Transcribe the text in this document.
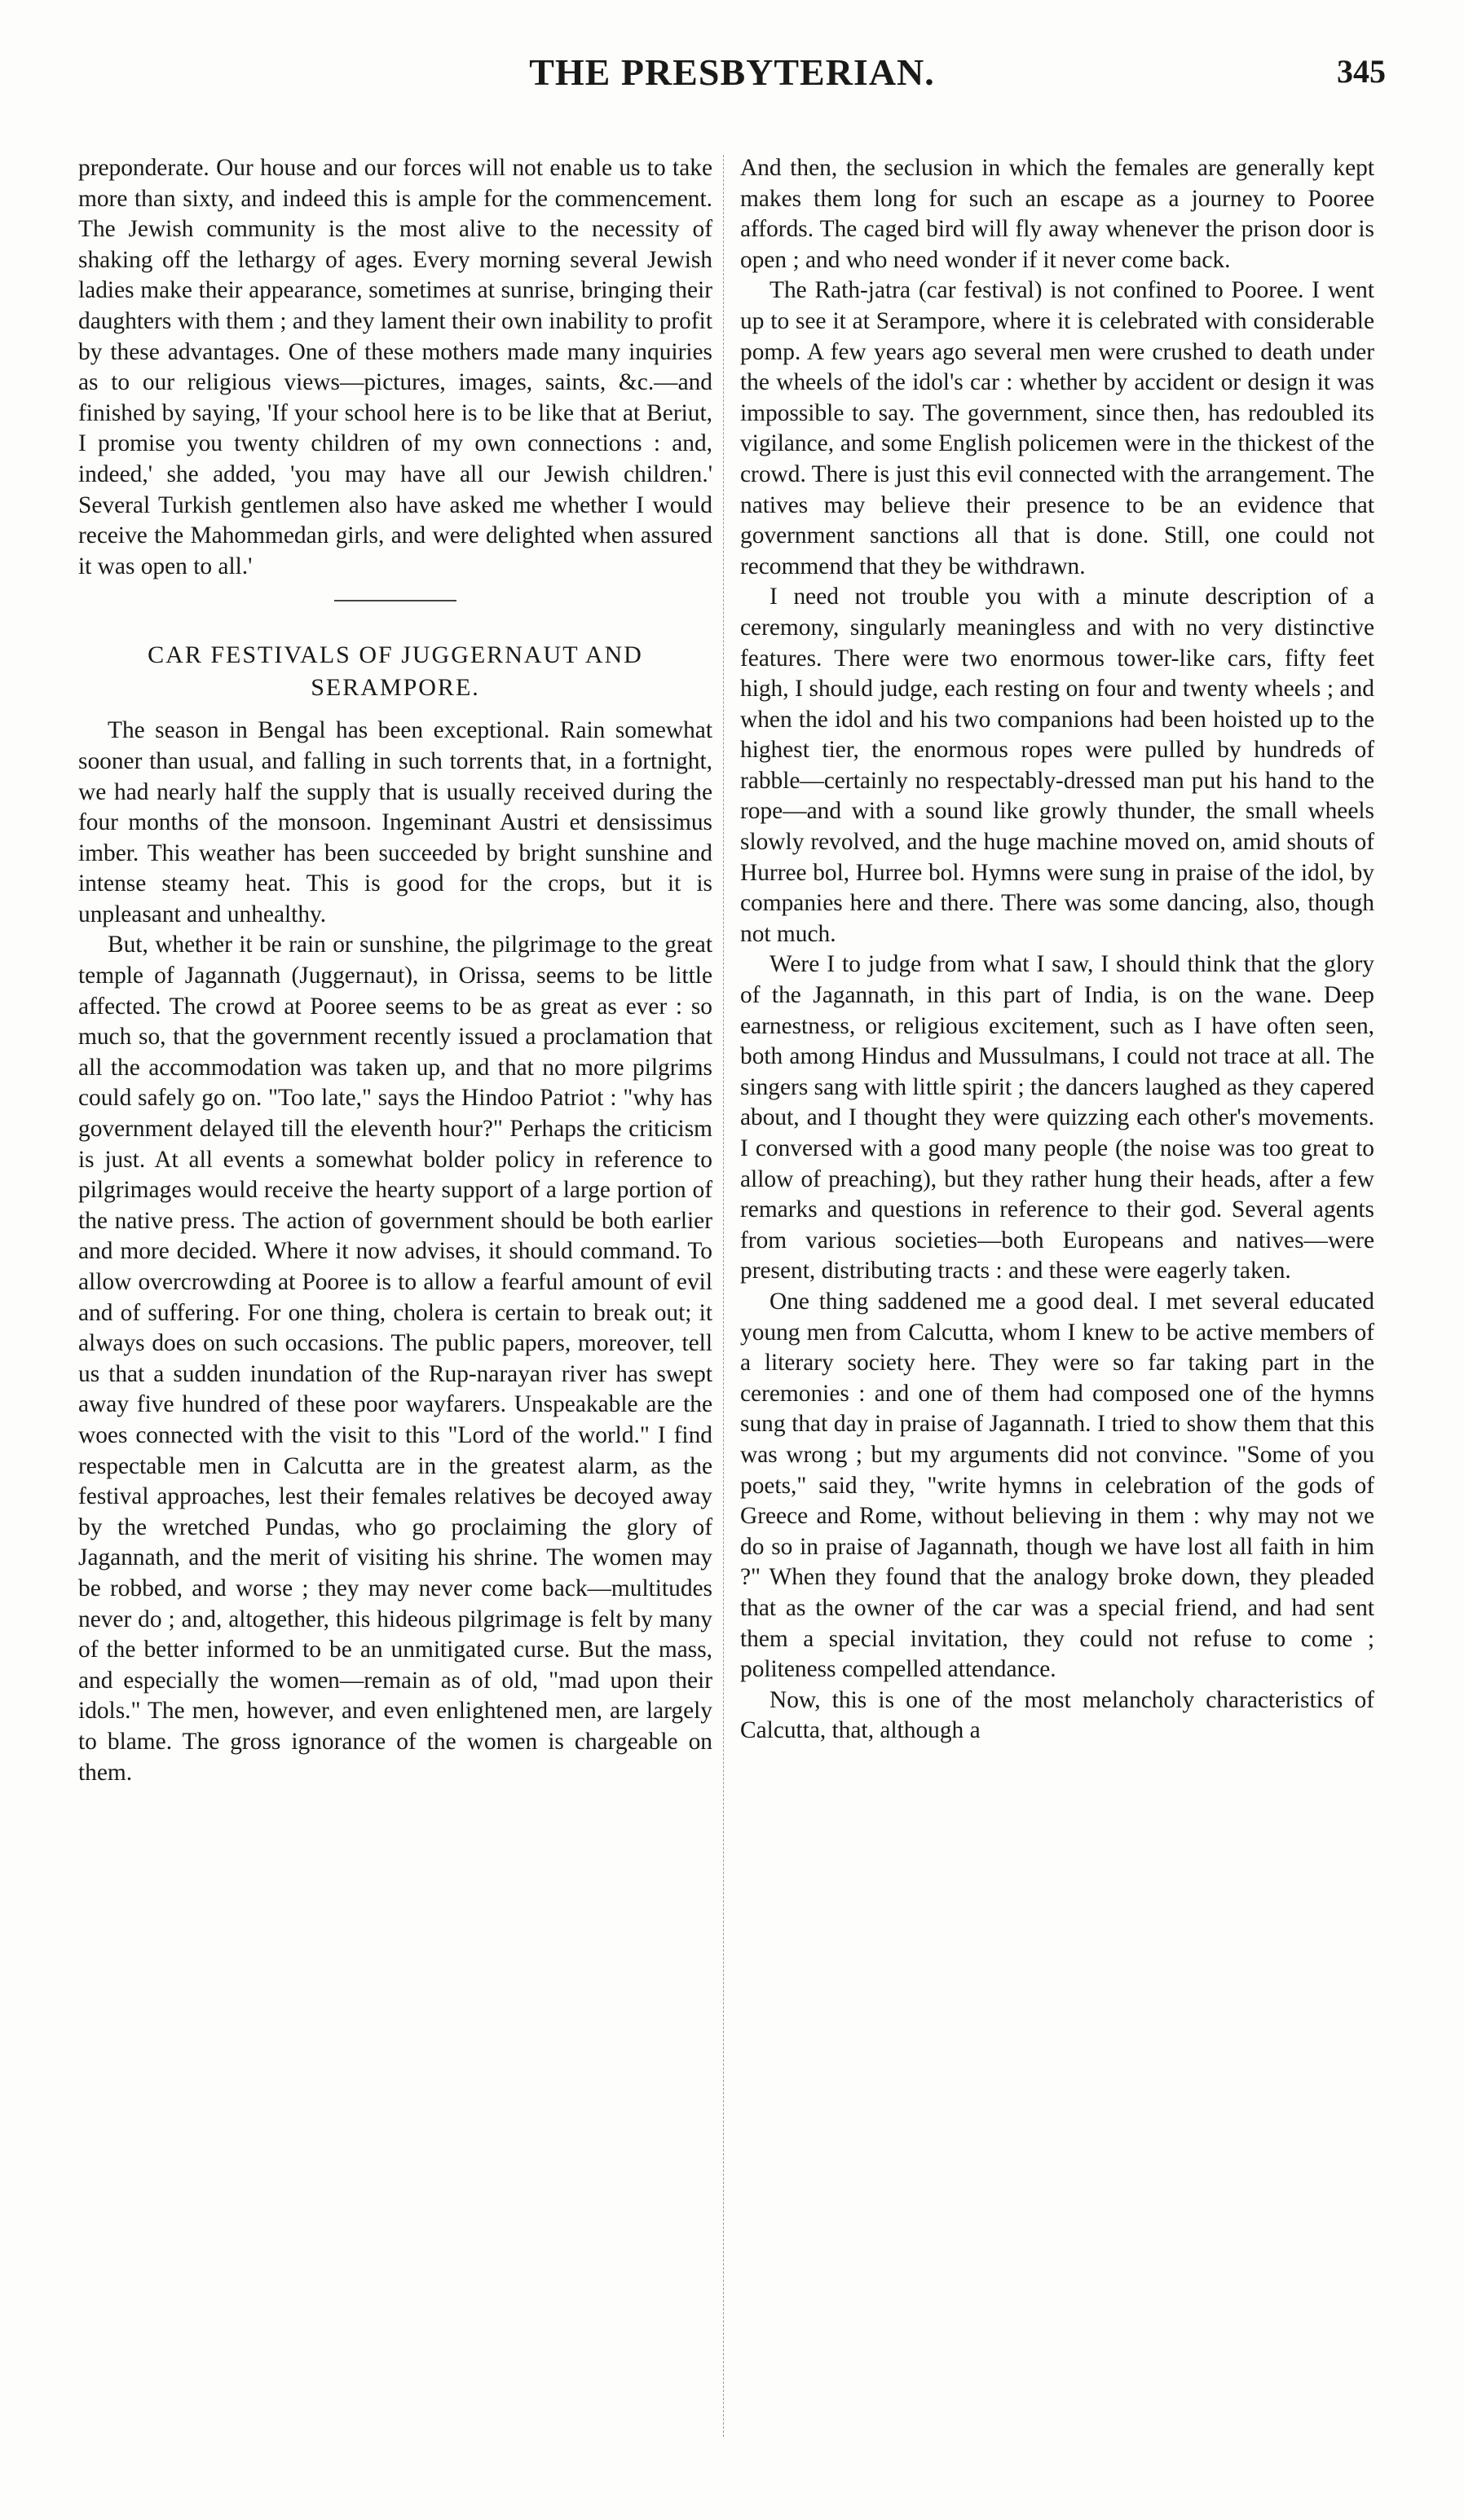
THE PRESBYTERIAN.	345

preponderate. Our house and our forces will not enable us to take more than sixty, and indeed this is ample for the commencement. The Jewish community is the most alive to the necessity of shaking off the lethargy of ages. Every morning several Jewish ladies make their appearance, sometimes at sunrise, bringing their daughters with them ; and they lament their own inability to profit by these advantages. One of these mothers made many inquiries as to our religious views—pictures, images, saints, &c.—and finished by saying, 'If your school here is to be like that at Beriut, I promise you twenty children of my own connections : and, indeed,' she added, 'you may have all our Jewish children.' Several Turkish gentlemen also have asked me whether I would receive the Mahommedan girls, and were delighted when assured it was open to all.'

CAR FESTIVALS OF JUGGERNAUT AND
SERAMPORE.

The season in Bengal has been exceptional. Rain somewhat sooner than usual, and falling in such torrents that, in a fortnight, we had nearly half the supply that is usually received during the four months of the monsoon. Ingeminant Austri et densissimus imber. This weather has been succeeded by bright sunshine and intense steamy heat. This is good for the crops, but it is unpleasant and unhealthy.

But, whether it be rain or sunshine, the pilgrimage to the great temple of Jagannath (Juggernaut), in Orissa, seems to be little affected. The crowd at Pooree seems to be as great as ever : so much so, that the government recently issued a proclamation that all the accommodation was taken up, and that no more pilgrims could safely go on. "Too late," says the Hindoo Patriot : "why has government delayed till the eleventh hour?" Perhaps the criticism is just. At all events a somewhat bolder policy in reference to pilgrimages would receive the hearty support of a large portion of the native press. The action of government should be both earlier and more decided. Where it now advises, it should command. To allow overcrowding at Pooree is to allow a fearful amount of evil and of suffering. For one thing, cholera is certain to break out; it always does on such occasions. The public papers, moreover, tell us that a sudden inundation of the Rup-narayan river has swept away five hundred of these poor wayfarers. Unspeakable are the woes connected with the visit to this "Lord of the world." I find respectable men in Calcutta are in the greatest alarm, as the festival approaches, lest their females relatives be decoyed away by the wretched Pundas, who go proclaiming the glory of Jagannath, and the merit of visiting his shrine. The women may be robbed, and worse ; they may never come back—multitudes never do ; and, altogether, this hideous pilgrimage is felt by many of the better informed to be an unmitigated curse. But the mass, and especially the women—remain as of old, "mad upon their idols." The men, however, and even enlightened men, are largely to blame. The gross ignorance of the women is chargeable on them.

And then, the seclusion in which the females are generally kept makes them long for such an escape as a journey to Pooree affords. The caged bird will fly away whenever the prison door is open ; and who need wonder if it never come back.

The Rath-jatra (car festival) is not confined to Pooree. I went up to see it at Serampore, where it is celebrated with considerable pomp. A few years ago several men were crushed to death under the wheels of the idol's car : whether by accident or design it was impossible to say. The government, since then, has redoubled its vigilance, and some English policemen were in the thickest of the crowd. There is just this evil connected with the arrangement. The natives may believe their presence to be an evidence that government sanctions all that is done. Still, one could not recommend that they be withdrawn.

I need not trouble you with a minute description of a ceremony, singularly meaningless and with no very distinctive features. There were two enormous tower-like cars, fifty feet high, I should judge, each resting on four and twenty wheels ; and when the idol and his two companions had been hoisted up to the highest tier, the enormous ropes were pulled by hundreds of rabble—certainly no respectably-dressed man put his hand to the rope—and with a sound like growly thunder, the small wheels slowly revolved, and the huge machine moved on, amid shouts of Hurree bol, Hurree bol. Hymns were sung in praise of the idol, by companies here and there. There was some dancing, also, though not much.

Were I to judge from what I saw, I should think that the glory of the Jagannath, in this part of India, is on the wane. Deep earnestness, or religious excitement, such as I have often seen, both among Hindus and Mussulmans, I could not trace at all. The singers sang with little spirit ; the dancers laughed as they capered about, and I thought they were quizzing each other's movements. I conversed with a good many people (the noise was too great to allow of preaching), but they rather hung their heads, after a few remarks and questions in reference to their god. Several agents from various societies—both Europeans and natives—were present, distributing tracts : and these were eagerly taken.

One thing saddened me a good deal. I met several educated young men from Calcutta, whom I knew to be active members of a literary society here. They were so far taking part in the ceremonies : and one of them had composed one of the hymns sung that day in praise of Jagannath. I tried to show them that this was wrong ; but my arguments did not convince. "Some of you poets," said they, "write hymns in celebration of the gods of Greece and Rome, without believing in them : why may not we do so in praise of Jagannath, though we have lost all faith in him ?" When they found that the analogy broke down, they pleaded that as the owner of the car was a special friend, and had sent them a special invitation, they could not refuse to come ; politeness compelled attendance.

Now, this is one of the most melancholy characteristics of Calcutta, that, although a
